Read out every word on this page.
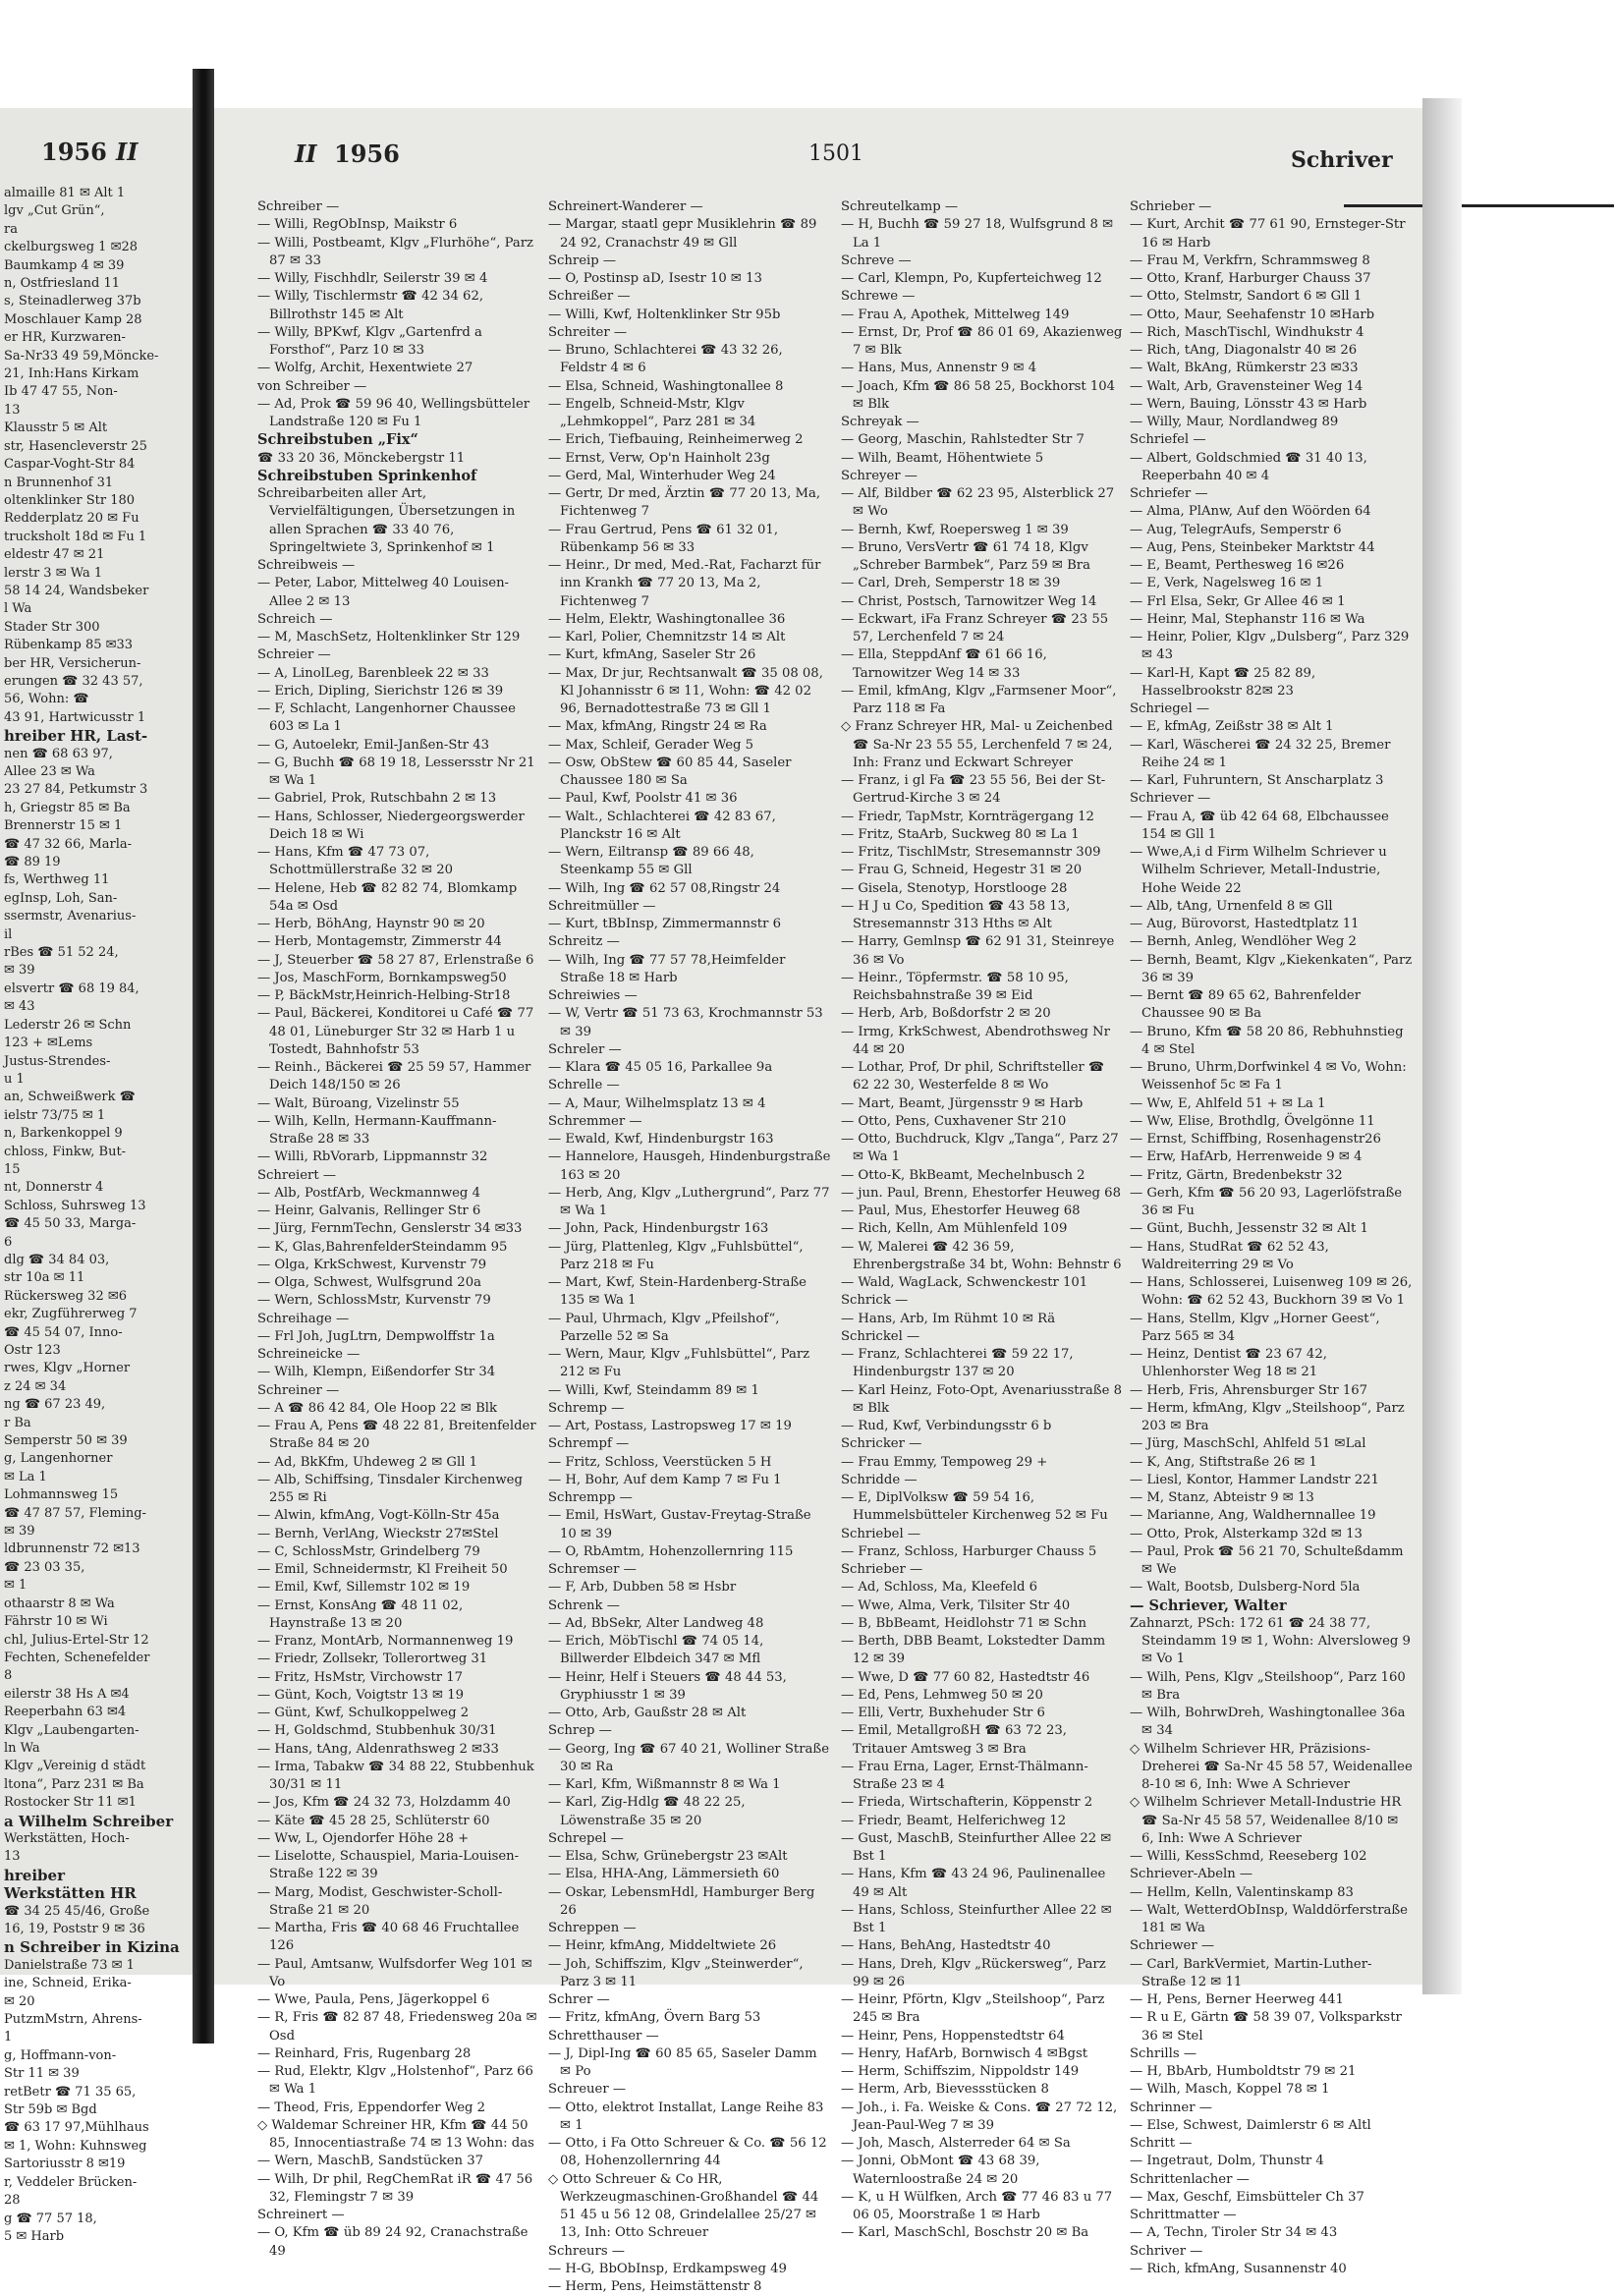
1956 II

almaille 81 ✉ Alt 1

lgv „Cut Grün“,

ra

ckelburgsweg 1 ✉28

Baumkamp 4 ✉ 39

n, Ostfriesland 11

s, Steinadlerweg 37b

Moschlauer Kamp 28

er HR, Kurzwaren-

Sa-Nr33 49 59,Möncke-

21, Inh:Hans Kirkam

Ib 47 47 55, Non-

13

Klausstr 5 ✉ Alt

str, Hasencleverstr 25

Caspar-Voght-Str 84

n Brunnenhof 31

oltenklinker Str 180

Redderplatz 20 ✉ Fu

trucksholt 18d ✉ Fu 1

eldestr 47 ✉ 21

lerstr 3 ✉ Wa 1

58 14 24, Wandsbeker

l Wa

Stader Str 300

Rübenkamp 85 ✉33

ber HR, Versicherun-

erungen ☎ 32 43 57,

56, Wohn: ☎

43 91, Hartwicusstr 1

hreiber HR, Last-

nen ☎ 68 63 97,

Allee 23 ✉ Wa

23 27 84, Petkumstr 3

h, Griegstr 85 ✉ Ba

Brennerstr 15 ✉ 1

☎ 47 32 66, Marla-

☎ 89 19

fs, Werthweg 11

egInsp, Loh, San-

ssermstr, Avenarius-

il

rBes ☎ 51 52 24,

✉ 39

elsvertr ☎ 68 19 84,

✉ 43

Lederstr 26 ✉ Schn

123 + ✉Lems

Justus-Strendes-

u 1

an, Schweißwerk ☎

ielstr 73/75 ✉ 1

n, Barkenkoppel 9

chloss, Finkw, But-

15

nt, Donnerstr 4

Schloss, Suhrsweg 13

☎ 45 50 33, Marga-

6

dlg ☎ 34 84 03,

str 10a ✉ 11

Rückersweg 32 ✉6

ekr, Zugführerweg 7

☎ 45 54 07, Inno-

Ostr 123

rwes, Klgv „Horner

z 24 ✉ 34

ng ☎ 67 23 49,

r Ba

Semperstr 50 ✉ 39

g, Langenhorner

✉ La 1

Lohmannsweg 15

☎ 47 87 57, Fleming-

✉ 39

ldbrunnenstr 72 ✉13

☎ 23 03 35,

✉ 1

othaarstr 8 ✉ Wa

Fährstr 10 ✉ Wi

chl, Julius-Ertel-Str 12

Fechten, Schenefelder

8

eilerstr 38 Hs A ✉4

Reeperbahn 63 ✉4

Klgv „Laubengarten-

ln Wa

Klgv „Vereinig d städt

ltona“, Parz 231 ✉ Ba

Rostocker Str 11 ✉1

a Wilhelm Schreiber

Werkstätten, Hoch-

13

hreiber

Werkstätten HR

☎ 34 25 45/46, Große

16, 19, Poststr 9 ✉ 36

n Schreiber in Kizina

Danielstraße 73 ✉ 1

ine, Schneid, Erika-

✉ 20

PutzmMstrn, Ahrens-

1

g, Hoffmann-von-

Str 11 ✉ 39

retBetr ☎ 71 35 65,

Str 59b ✉ Bgd

☎ 63 17 97,Mühlhaus

✉ 1, Wohn: Kuhnsweg

Sartoriusstr 8 ✉19

r, Veddeler Brücken-

28

g ☎ 77 57 18,

5 ✉ Harb

II 1956	1501	Schriver

Schreiber —

— Willi, RegObInsp, Maikstr 6

— Willi, Postbeamt, Klgv „Flurhöhe“, Parz 87 ✉ 33

— Willy, Fischhdlr, Seilerstr 39 ✉ 4

— Willy, Tischlermstr ☎ 42 34 62, Billrothstr 145 ✉ Alt

— Willy, BPKwf, Klgv „Gartenfrd a Forsthof“, Parz 10 ✉ 33

— Wolfg, Archit, Hexentwiete 27

von Schreiber —

— Ad, Prok ☎ 59 96 40, Wellingsbütteler Landstraße 120 ✉ Fu 1

Schreibstuben „Fix“

☎ 33 20 36, Mönckebergstr 11

Schreibstuben Sprinkenhof

Schreibarbeiten aller Art, Vervielfältigungen, Übersetzungen in allen Sprachen ☎ 33 40 76, Springeltwiete 3, Sprinkenhof ✉ 1

Schreibweis —

— Peter, Labor, Mittelweg 40 Louisen-Allee 2 ✉ 13

Schreich —

— M, MaschSetz, Holtenklinker Str 129

Schreier —

— A, LinolLeg, Barenbleek 22 ✉ 33

— Erich, Dipling, Sierichstr 126 ✉ 39

— F, Schlacht, Langenhorner Chaussee 603 ✉ La 1

— G, Autoelekr, Emil-Janßen-Str 43

— G, Buchh ☎ 68 19 18, Lessersstr Nr 21 ✉ Wa 1

— Gabriel, Prok, Rutschbahn 2 ✉ 13

— Hans, Schlosser, Niedergeorgswerder Deich 18 ✉ Wi

— Hans, Kfm ☎ 47 73 07, Schottmüllerstraße 32 ✉ 20

— Helene, Heb ☎ 82 82 74, Blomkamp 54a ✉ Osd

— Herb, BöhAng, Haynstr 90 ✉ 20

— Herb, Montagemstr, Zimmerstr 44

— J, Steuerber ☎ 58 27 87, Erlenstraße 6

— Jos, MaschForm, Bornkampsweg50

— P, BäckMstr,Heinrich-Helbing-Str18

— Paul, Bäckerei, Konditorei u Café ☎ 77 48 01, Lüneburger Str 32 ✉ Harb 1 u Tostedt, Bahnhofstr 53

— Reinh., Bäckerei ☎ 25 59 57, Hammer Deich 148/150 ✉ 26

— Walt, Büroang, Vizelinstr 55

— Wilh, Kelln, Hermann-Kauffmann-Straße 28 ✉ 33

— Willi, RbVorarb, Lippmannstr 32

Schreiert —

— Alb, PostfArb, Weckmannweg 4

— Heinr, Galvanis, Rellinger Str 6

— Jürg, FernmTechn, Genslerstr 34 ✉33

— K, Glas,BahrenfelderSteindamm 95

— Olga, KrkSchwest, Kurvenstr 79

— Olga, Schwest, Wulfsgrund 20a

— Wern, SchlossMstr, Kurvenstr 79

Schreihage —

— Frl Joh, JugLtrn, Dempwolffstr 1a

Schreineicke —

— Wilh, Klempn, Eißendorfer Str 34

Schreiner —

— A ☎ 86 42 84, Ole Hoop 22 ✉ Blk

— Frau A, Pens ☎ 48 22 81, Breitenfelder Straße 84 ✉ 20

— Ad, BkKfm, Uhdeweg 2 ✉ Gll 1

— Alb, Schiffsing, Tinsdaler Kirchenweg 255 ✉ Ri

— Alwin, kfmAng, Vogt-Kölln-Str 45a

— Bernh, VerlAng, Wieckstr 27✉Stel

— C, SchlossMstr, Grindelberg 79

— Emil, Schneidermstr, Kl Freiheit 50

— Emil, Kwf, Sillemstr 102 ✉ 19

— Ernst, KonsAng ☎ 48 11 02, Haynstraße 13 ✉ 20

— Franz, MontArb, Normannenweg 19

— Friedr, Zollsekr, Tollerortweg 31

— Fritz, HsMstr, Virchowstr 17

— Günt, Koch, Voigtstr 13 ✉ 19

— Günt, Kwf, Schulkoppelweg 2

— H, Goldschmd, Stubbenhuk 30/31

— Hans, tAng, Aldenrathsweg 2 ✉33

— Irma, Tabakw ☎ 34 88 22, Stubbenhuk 30/31 ✉ 11

— Jos, Kfm ☎ 24 32 73, Holzdamm 40

— Käte ☎ 45 28 25, Schlüterstr 60

— Ww, L, Ojendorfer Höhe 28 +

— Liselotte, Schauspiel, Maria-Louisen-Straße 122 ✉ 39

— Marg, Modist, Geschwister-Scholl-Straße 21 ✉ 20

— Martha, Fris ☎ 40 68 46 Fruchtallee 126

— Paul, Amtsanw, Wulfsdorfer Weg 101 ✉ Vo

— Wwe, Paula, Pens, Jägerkoppel 6

— R, Fris ☎ 82 87 48, Friedensweg 20a ✉ Osd

— Reinhard, Fris, Rugenbarg 28

— Rud, Elektr, Klgv „Holstenhof“, Parz 66 ✉ Wa 1

— Theod, Fris, Eppendorfer Weg 2

◇ Waldemar Schreiner HR, Kfm ☎ 44 50 85, Innocentiastraße 74 ✉ 13 Wohn: das

— Wern, MaschB, Sandstücken 37

— Wilh, Dr phil, RegChemRat iR ☎ 47 56 32, Flemingstr 7 ✉ 39

Schreinert —

— O, Kfm ☎ üb 89 24 92, Cranachstraße 49

Schreinert-Wanderer —

— Margar, staatl gepr Musiklehrin ☎ 89 24 92, Cranachstr 49 ✉ Gll

Schreip —

— O, Postinsp aD, Isestr 10 ✉ 13

Schreißer —

— Willi, Kwf, Holtenklinker Str 95b

Schreiter —

— Bruno, Schlachterei ☎ 43 32 26, Feldstr 4 ✉ 6

— Elsa, Schneid, Washingtonallee 8

— Engelb, Schneid-Mstr, Klgv „Lehmkoppel“, Parz 281 ✉ 34

— Erich, Tiefbauing, Reinheimerweg 2

— Ernst, Verw, Op'n Hainholt 23g

— Gerd, Mal, Winterhuder Weg 24

— Gertr, Dr med, Ärztin ☎ 77 20 13, Ma, Fichtenweg 7

— Frau Gertrud, Pens ☎ 61 32 01, Rübenkamp 56 ✉ 33

— Heinr., Dr med, Med.-Rat, Facharzt für inn Krankh ☎ 77 20 13, Ma 2, Fichtenweg 7

— Helm, Elektr, Washingtonallee 36

— Karl, Polier, Chemnitzstr 14 ✉ Alt

— Kurt, kfmAng, Saseler Str 26

— Max, Dr jur, Rechtsanwalt ☎ 35 08 08, Kl Johannisstr 6 ✉ 11, Wohn: ☎ 42 02 96, Bernadottestraße 73 ✉ Gll 1

— Max, kfmAng, Ringstr 24 ✉ Ra

— Max, Schleif, Gerader Weg 5

— Osw, ObStew ☎ 60 85 44, Saseler Chaussee 180 ✉ Sa

— Paul, Kwf, Poolstr 41 ✉ 36

— Walt., Schlachterei ☎ 42 83 67, Planckstr 16 ✉ Alt

— Wern, Eiltransp ☎ 89 66 48, Steenkamp 55 ✉ Gll

— Wilh, Ing ☎ 62 57 08,Ringstr 24

Schreitmüller —

— Kurt, tBbInsp, Zimmermannstr 6

Schreitz —

— Wilh, Ing ☎ 77 57 78,Heimfelder Straße 18 ✉ Harb

Schreiwies —

— W, Vertr ☎ 51 73 63, Krochmannstr 53 ✉ 39

Schreler —

— Klara ☎ 45 05 16, Parkallee 9a

Schrelle —

— A, Maur, Wilhelmsplatz 13 ✉ 4

Schremmer —

— Ewald, Kwf, Hindenburgstr 163

— Hannelore, Hausgeh, Hindenburgstraße 163 ✉ 20

— Herb, Ang, Klgv „Luthergrund“, Parz 77 ✉ Wa 1

— John, Pack, Hindenburgstr 163

— Jürg, Plattenleg, Klgv „Fuhlsbüttel“, Parz 218 ✉ Fu

— Mart, Kwf, Stein-Hardenberg-Straße 135 ✉ Wa 1

— Paul, Uhrmach, Klgv „Pfeilshof“, Parzelle 52 ✉ Sa

— Wern, Maur, Klgv „Fuhlsbüttel“, Parz 212 ✉ Fu

— Willi, Kwf, Steindamm 89 ✉ 1

Schremp —

— Art, Postass, Lastropsweg 17 ✉ 19

Schrempf —

— Fritz, Schloss, Veerstücken 5 H

— H, Bohr, Auf dem Kamp 7 ✉ Fu 1

Schrempp —

— Emil, HsWart, Gustav-Freytag-Straße 10 ✉ 39

— O, RbAmtm, Hohenzollernring 115

Schremser —

— F, Arb, Dubben 58 ✉ Hsbr

Schrenk —

— Ad, BbSekr, Alter Landweg 48

— Erich, MöbTischl ☎ 74 05 14, Billwerder Elbdeich 347 ✉ Mfl

— Heinr, Helf i Steuers ☎ 48 44 53, Gryphiusstr 1 ✉ 39

— Otto, Arb, Gaußstr 28 ✉ Alt

Schrep —

— Georg, Ing ☎ 67 40 21, Wolliner Straße 30 ✉ Ra

— Karl, Kfm, Wißmannstr 8 ✉ Wa 1

— Karl, Zig-Hdlg ☎ 48 22 25, Löwenstraße 35 ✉ 20

Schrepel —

— Elsa, Schw, Grünebergstr 23 ✉Alt

— Elsa, HHA-Ang, Lämmersieth 60

— Oskar, LebensmHdl, Hamburger Berg 26

Schreppen —

— Heinr, kfmAng, Middeltwiete 26

— Joh, Schiffszim, Klgv „Steinwerder“, Parz 3 ✉ 11

Schrer —

— Fritz, kfmAng, Övern Barg 53

Schretthauser —

— J, Dipl-Ing ☎ 60 85 65, Saseler Damm ✉ Po

Schreuer —

— Otto, elektrot Installat, Lange Reihe 83 ✉ 1

— Otto, i Fa Otto Schreuer & Co. ☎ 56 12 08, Hohenzollernring 44

◇ Otto Schreuer & Co HR, Werkzeugmaschinen-Großhandel ☎ 44 51 45 u 56 12 08, Grindelallee 25/27 ✉ 13, Inh: Otto Schreuer

Schreurs —

— H-G, BbObInsp, Erdkampsweg 49

— Herm, Pens, Heimstättenstr 8

Schreutelkamp —

— H, Buchh ☎ 59 27 18, Wulfsgrund 8 ✉ La 1

Schreve —

— Carl, Klempn, Po, Kupferteichweg 12

Schrewe —

— Frau A, Apothek, Mittelweg 149

— Ernst, Dr, Prof ☎ 86 01 69, Akazienweg 7 ✉ Blk

— Hans, Mus, Annenstr 9 ✉ 4

— Joach, Kfm ☎ 86 58 25, Bockhorst 104 ✉ Blk

Schreyak —

— Georg, Maschin, Rahlstedter Str 7

— Wilh, Beamt, Höhentwiete 5

Schreyer —

— Alf, Bildber ☎ 62 23 95, Alsterblick 27 ✉ Wo

— Bernh, Kwf, Roepersweg 1 ✉ 39

— Bruno, VersVertr ☎ 61 74 18, Klgv „Schreber Barmbek“, Parz 59 ✉ Bra

— Carl, Dreh, Semperstr 18 ✉ 39

— Christ, Postsch, Tarnowitzer Weg 14

— Eckwart, iFa Franz Schreyer ☎ 23 55 57, Lerchenfeld 7 ✉ 24

— Ella, SteppdAnf ☎ 61 66 16, Tarnowitzer Weg 14 ✉ 33

— Emil, kfmAng, Klgv „Farmsener Moor“, Parz 118 ✉ Fa

◇ Franz Schreyer HR, Mal- u Zeichenbed ☎ Sa-Nr 23 55 55, Lerchenfeld 7 ✉ 24, Inh: Franz und Eckwart Schreyer

— Franz, i gl Fa ☎ 23 55 56, Bei der St-Gertrud-Kirche 3 ✉ 24

— Friedr, TapMstr, Kornträgergang 12

— Fritz, StaArb, Suckweg 80 ✉ La 1

— Fritz, TischlMstr, Stresemannstr 309

— Frau G, Schneid, Hegestr 31 ✉ 20

— Gisela, Stenotyp, Horstloogе 28

— H J u Co, Spedition ☎ 43 58 13, Stresemannstr 313 Hths ✉ Alt

— Harry, Gemlnsp ☎ 62 91 31, Steinreye 36 ✉ Vo

— Heinr., Töpfermstr. ☎ 58 10 95, Reichsbahnstraße 39 ✉ Eid

— Herb, Arb, Boßdorfstr 2 ✉ 20

— Irmg, KrkSchwest, Abendrothsweg Nr 44 ✉ 20

— Lothar, Prof, Dr phil, Schriftsteller ☎ 62 22 30, Westerfelde 8 ✉ Wo

— Mart, Beamt, Jürgensstr 9 ✉ Harb

— Otto, Pens, Cuxhavener Str 210

— Otto, Buchdruck, Klgv „Tanga“, Parz 27 ✉ Wa 1

— Otto-K, BkBeamt, Mechelnbusch 2

— jun. Paul, Brenn, Ehestorfer Heuweg 68

— Paul, Mus, Ehestorfer Heuweg 68

— Rich, Kelln, Am Mühlenfeld 109

— W, Malerei ☎ 42 36 59, Ehrenbergstraße 34 bt, Wohn: Behnstr 6

— Wald, WagLack, Schwenckestr 101

Schrick —

— Hans, Arb, Im Rühmt 10 ✉ Rä

Schrickel —

— Franz, Schlachterei ☎ 59 22 17, Hindenburgstr 137 ✉ 20

— Karl Heinz, Foto-Opt, Avenariusstraße 8 ✉ Blk

— Rud, Kwf, Verbindungsstr 6 b

Schricker —

— Frau Emmy, Tempoweg 29 +

Schridde —

— E, DiplVolksw ☎ 59 54 16, Hummelsbütteler Kirchenweg 52 ✉ Fu

Schriebel —

— Franz, Schloss, Harburger Chauss 5

Schrieber —

— Ad, Schloss, Ma, Kleefeld 6

— Wwe, Alma, Verk, Tilsiter Str 40

— B, BbBeamt, Heidlohstr 71 ✉ Schn

— Berth, DBB Beamt, Lokstedter Damm 12 ✉ 39

— Wwe, D ☎ 77 60 82, Hastedtstr 46

— Ed, Pens, Lehmweg 50 ✉ 20

— Elli, Vertr, Buxhehuder Str 6

— Emil, MetallgroßH ☎ 63 72 23, Tritauer Amtsweg 3 ✉ Bra

— Frau Erna, Lager, Ernst-Thälmann-Straße 23 ✉ 4

— Frieda, Wirtschafterin, Köppenstr 2

— Friedr, Beamt, Helferichweg 12

— Gust, MaschB, Steinfurther Allee 22 ✉ Bst 1

— Hans, Kfm ☎ 43 24 96, Paulinenallee 49 ✉ Alt

— Hans, Schloss, Steinfurther Allee 22 ✉ Bst 1

— Hans, BehAng, Hastedtstr 40

— Hans, Dreh, Klgv „Rückersweg“, Parz 99 ✉ 26

— Heinr, Pförtn, Klgv „Steilshoop“, Parz 245 ✉ Bra

— Heinr, Pens, Hoppenstedtstr 64

— Henry, HafArb, Bornwisch 4 ✉Bgst

— Herm, Schiffszim, Nippoldstr 149

— Herm, Arb, Bievessstücken 8

— Joh., i. Fa. Weiske & Cons. ☎ 27 72 12, Jean-Paul-Weg 7 ✉ 39

— Joh, Masch, Alsterreder 64 ✉ Sa

— Jonni, ObMont ☎ 43 68 39, Waternloostraße 24 ✉ 20

— K, u H Wülfken, Arch ☎ 77 46 83 u 77 06 05, Moorstraße 1 ✉ Harb

— Karl, MaschSchl, Boschstr 20 ✉ Ba

Schrieber —

— Kurt, Archit ☎ 77 61 90, Ernsteger-Str 16 ✉ Harb

— Frau M, Verkfrn, Schrammsweg 8

— Otto, Kranf, Harburger Chauss 37

— Otto, Stelmstr, Sandort 6 ✉ Gll 1

— Otto, Maur, Seehafenstr 10 ✉Harb

— Rich, MaschTischl, Windhukstr 4

— Rich, tAng, Diagonalstr 40 ✉ 26

— Walt, BkAng, Rümkerstr 23 ✉33

— Walt, Arb, Gravensteiner Weg 14

— Wern, Bauing, Lönsstr 43 ✉ Harb

— Willy, Maur, Nordlandweg 89

Schriefel —

— Albert, Goldschmied ☎ 31 40 13, Reeperbahn 40 ✉ 4

Schriefer —

— Alma, PlAnw, Auf den Wöörden 64

— Aug, TelegrAufs, Semperstr 6

— Aug, Pens, Steinbeker Marktstr 44

— E, Beamt, Perthesweg 16 ✉26

— E, Verk, Nagelsweg 16 ✉ 1

— Frl Elsa, Sekr, Gr Allee 46 ✉ 1

— Heinr, Mal, Stephanstr 116 ✉ Wa

— Heinr, Polier, Klgv „Dulsberg“, Parz 329 ✉ 43

— Karl-H, Kapt ☎ 25 82 89, Hasselbrookstr 82✉ 23

Schriegel —

— E, kfmAg, Zeißstr 38 ✉ Alt 1

— Karl, Wäscherei ☎ 24 32 25, Bremer Reihe 24 ✉ 1

— Karl, Fuhruntern, St Anscharplatz 3

Schriever —

— Frau A, ☎ üb 42 64 68, Elbchaussee 154 ✉ Gll 1

— Wwe,A,i d Firm Wilhelm Schriever u Wilhelm Schriever, Metall-Industrie, Hohe Weide 22

— Alb, tAng, Urnenfeld 8 ✉ Gll

— Aug, Bürovorst, Hastedtplatz 11

— Bernh, Anleg, Wendlöher Weg 2

— Bernh, Beamt, Klgv „Kiekenkaten“, Parz 36 ✉ 39

— Bernt ☎ 89 65 62, Bahrenfelder Chaussee 90 ✉ Ba

— Bruno, Kfm ☎ 58 20 86, Rebhuhnstieg 4 ✉ Stel

— Bruno, Uhrm,Dorfwinkel 4 ✉ Vo, Wohn: Weissenhof 5c ✉ Fa 1

— Ww, E, Ahlfeld 51 + ✉ La 1

— Ww, Elise, Brothdlg, Övelgönne 11

— Ernst, Schiffbing, Rosenhagenstr26

— Erw, HafArb, Herrenweide 9 ✉ 4

— Fritz, Gärtn, Bredenbekstr 32

— Gerh, Kfm ☎ 56 20 93, Lagerlöfstraße 36 ✉ Fu

— Günt, Buchh, Jessenstr 32 ✉ Alt 1

— Hans, StudRat ☎ 62 52 43, Waldreiterring 29 ✉ Vo

— Hans, Schlosserei, Luisenweg 109 ✉ 26, Wohn: ☎ 62 52 43, Buckhorn 39 ✉ Vo 1

— Hans, Stellm, Klgv „Horner Geest“, Parz 565 ✉ 34

— Heinz, Dentist ☎ 23 67 42, Uhlenhorster Weg 18 ✉ 21

— Herb, Fris, Ahrensburger Str 167

— Herm, kfmAng, Klgv „Steilshoop“, Parz 203 ✉ Bra

— Jürg, MaschSchl, Ahlfeld 51 ✉Lal

— K, Ang, Stiftstraße 26 ✉ 1

— Liesl, Kontor, Hammer Landstr 221

— M, Stanz, Abteistr 9 ✉ 13

— Marianne, Ang, Waldhernnallee 19

— Otto, Prok, Alsterkamp 32d ✉ 13

— Paul, Prok ☎ 56 21 70, Schulteßdamm ✉ We

— Walt, Bootsb, Dulsberg-Nord 5la

— Schriever, Walter

Zahnarzt, PSch: 172 61 ☎ 24 38 77, Steindamm 19 ✉ 1, Wohn: Alversloweg 9 ✉ Vo 1

— Wilh, Pens, Klgv „Steilshoop“, Parz 160 ✉ Bra

— Wilh, BohrwDreh, Washingtonallee 36a ✉ 34

◇ Wilhelm Schriever HR, Präzisions-Dreherei ☎ Sa-Nr 45 58 57, Weidenallee 8-10 ✉ 6, Inh: Wwe A Schriever

◇ Wilhelm Schriever Metall-Industrie HR ☎ Sa-Nr 45 58 57, Weidenallee 8/10 ✉ 6, Inh: Wwe A Schriever

— Willi, KessSchmd, Reeseberg 102

Schriever-Abeln —

— Hellm, Kelln, Valentinskamp 83

— Walt, WetterdObInsp, Walddörferstraße 181 ✉ Wa

Schriewer —

— Carl, BarkVermiet, Martin-Luther-Straße 12 ✉ 11

— H, Pens, Berner Heerweg 441

— R u E, Gärtn ☎ 58 39 07, Volksparkstr 36 ✉ Stel

Schrills —

— H, BbArb, Humboldtstr 79 ✉ 21

— Wilh, Masch, Koppel 78 ✉ 1

Schrinner —

— Else, Schwest, Daimlerstr 6 ✉ Altl

Schritt —

— Ingetraut, Dolm, Thunstr 4

Schrittenlacher —

— Max, Geschf, Eimsbütteler Ch 37

Schrittmatter —

— A, Techn, Tiroler Str 34 ✉ 43

Schriver —

— Rich, kfmAng, Susannenstr 40
